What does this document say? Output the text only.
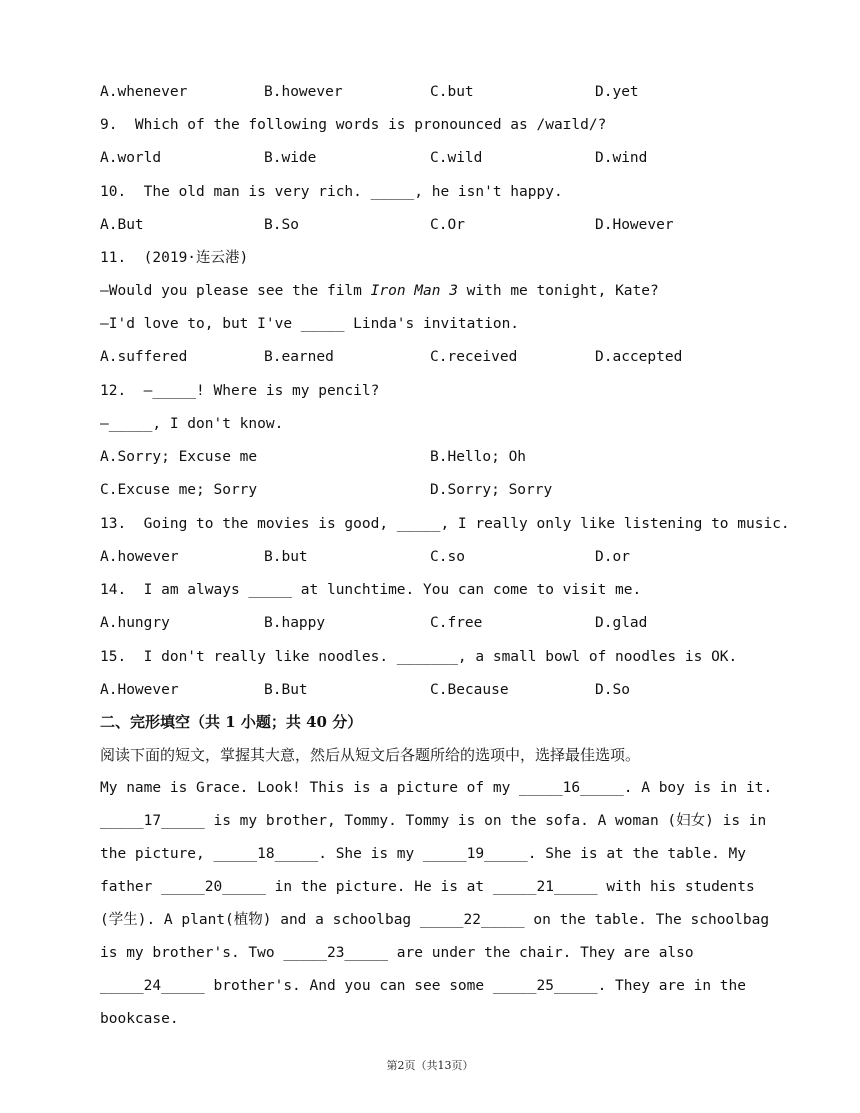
A.whenever	B.however	C.but	D.yet
9.  Which of the following words is pronounced as /waɪld/?
A.world	B.wide	C.wild	D.wind
10.  The old man is very rich. _____, he isn't happy.
A.But	B.So	C.Or	D.However
11.  (2019·连云港)
—Would you please see the film Iron Man 3 with me tonight, Kate?
—I'd love to, but I've _____ Linda's invitation.
A.suffered	B.earned	C.received	D.accepted
12.  —_____! Where is my pencil?
—_____, I don't know.
A.Sorry; Excuse me	B.Hello; Oh
C.Excuse me; Sorry	D.Sorry; Sorry
13.  Going to the movies is good, _____, I really only like listening to music.
A.however	B.but	C.so	D.or
14.  I am always _____ at lunchtime. You can come to visit me.
A.hungry	B.happy	C.free	D.glad
15.  I don't really like noodles. _______, a small bowl of noodles is OK.
A.However	B.But	C.Because	D.So
二、完形填空（共 1 小题；共 40 分）
阅读下面的短文，掌握其大意，然后从短文后各题所给的选项中，选择最佳选项。
My name is Grace. Look! This is a picture of my _____16_____. A boy is in it.
_____17_____ is my brother, Tommy. Tommy is on the sofa. A woman (妇女) is in
the picture, _____18_____. She is my _____19_____. She is at the table. My
father _____20_____ in the picture. He is at _____21_____ with his students
(学生). A plant(植物) and a schoolbag _____22_____ on the table. The schoolbag
is my brother's. Two _____23_____ are under the chair. They are also
_____24_____ brother's. And you can see some _____25_____. They are in the
bookcase.
第2页（共13页）
